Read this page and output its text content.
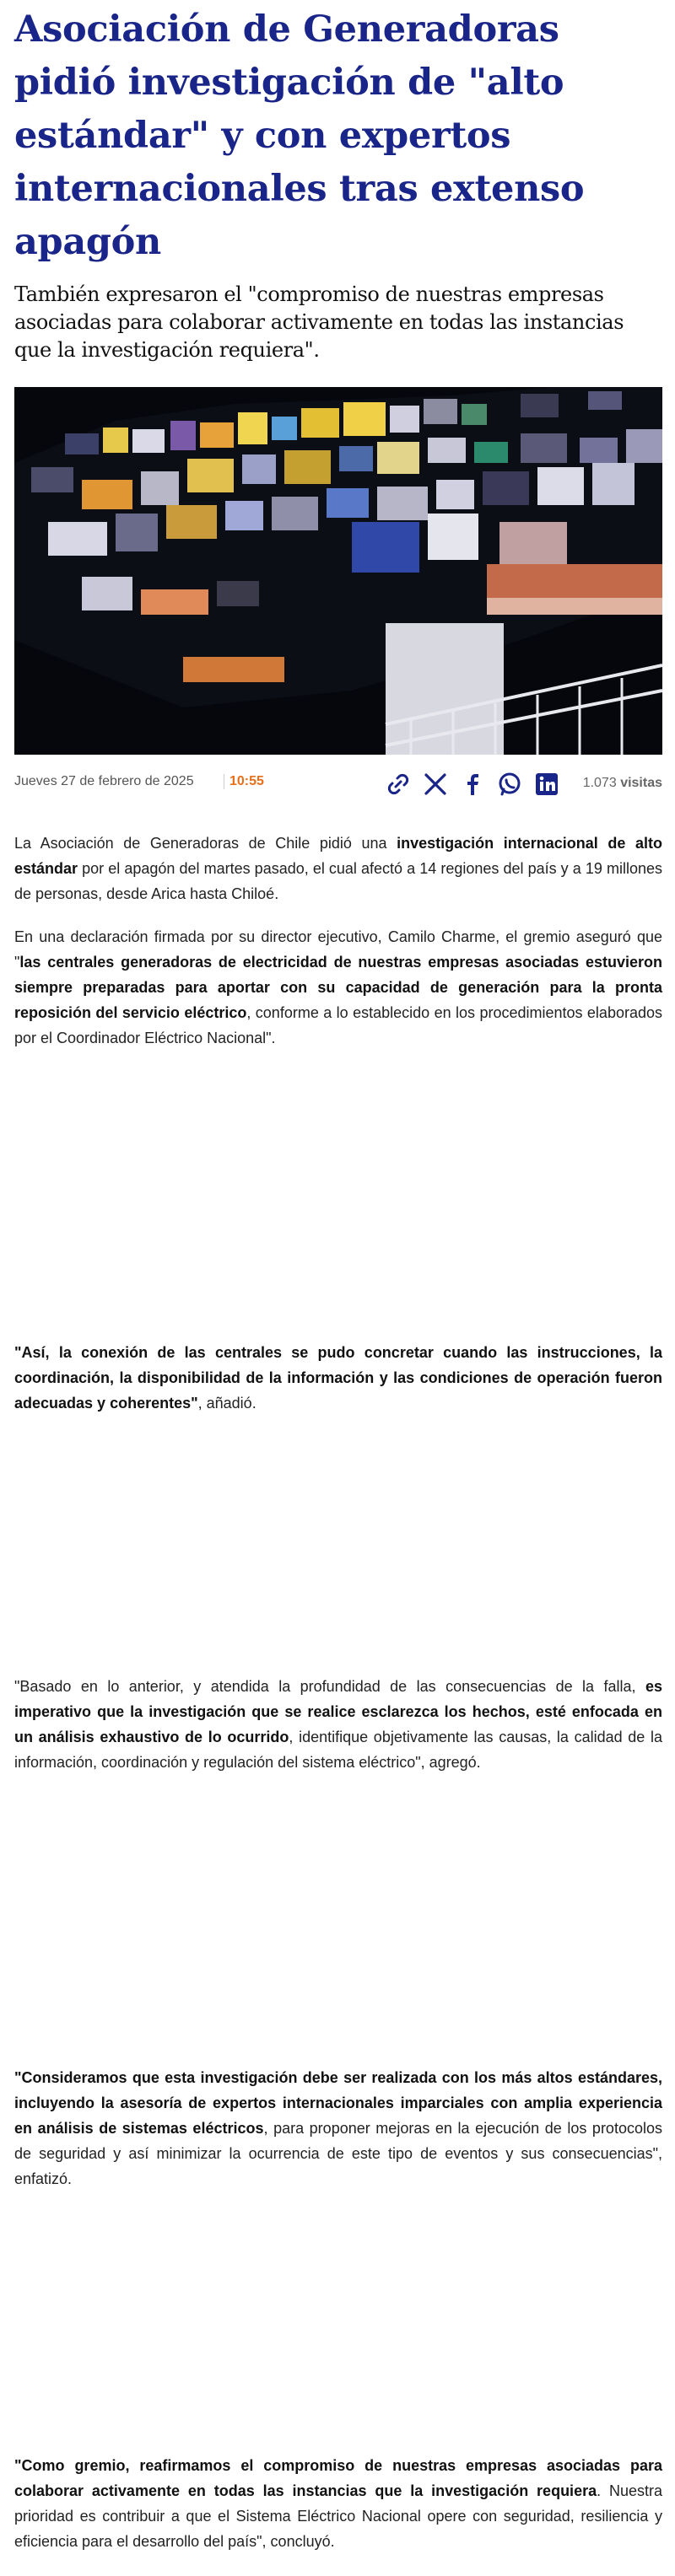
Asociación de Generadoras pidió investigación de "alto estándar" y con expertos internacionales tras extenso apagón

También expresaron el "compromiso de nuestras empresas asociadas para colaborar activamente en todas las instancias que la investigación requiera".

Jueves 27 de febrero de 2025	10:55	1.073 visitas

La Asociación de Generadoras de Chile pidió una investigación internacional de alto estándar por el apagón del martes pasado, el cual afectó a 14 regiones del país y a 19 millones de personas, desde Arica hasta Chiloé.

En una declaración firmada por su director ejecutivo, Camilo Charme, el gremio aseguró que "las centrales generadoras de electricidad de nuestras empresas asociadas estuvieron siempre preparadas para aportar con su capacidad de generación para la pronta reposición del servicio eléctrico, conforme a lo establecido en los procedimientos elaborados por el Coordinador Eléctrico Nacional".

"Así, la conexión de las centrales se pudo concretar cuando las instrucciones, la coordinación, la disponibilidad de la información y las condiciones de operación fueron adecuadas y coherentes", añadió.

"Basado en lo anterior, y atendida la profundidad de las consecuencias de la falla, es imperativo que la investigación que se realice esclarezca los hechos, esté enfocada en un análisis exhaustivo de lo ocurrido, identifique objetivamente las causas, la calidad de la información, coordinación y regulación del sistema eléctrico", agregó.

"Consideramos que esta investigación debe ser realizada con los más altos estándares, incluyendo la asesoría de expertos internacionales imparciales con amplia experiencia en análisis de sistemas eléctricos, para proponer mejoras en la ejecución de los protocolos de seguridad y así minimizar la ocurrencia de este tipo de eventos y sus consecuencias", enfatizó.

"Como gremio, reafirmamos el compromiso de nuestras empresas asociadas para colaborar activamente en todas las instancias que la investigación requiera. Nuestra prioridad es contribuir a que el Sistema Eléctrico Nacional opere con seguridad, resiliencia y eficiencia para el desarrollo del país", concluyó.
